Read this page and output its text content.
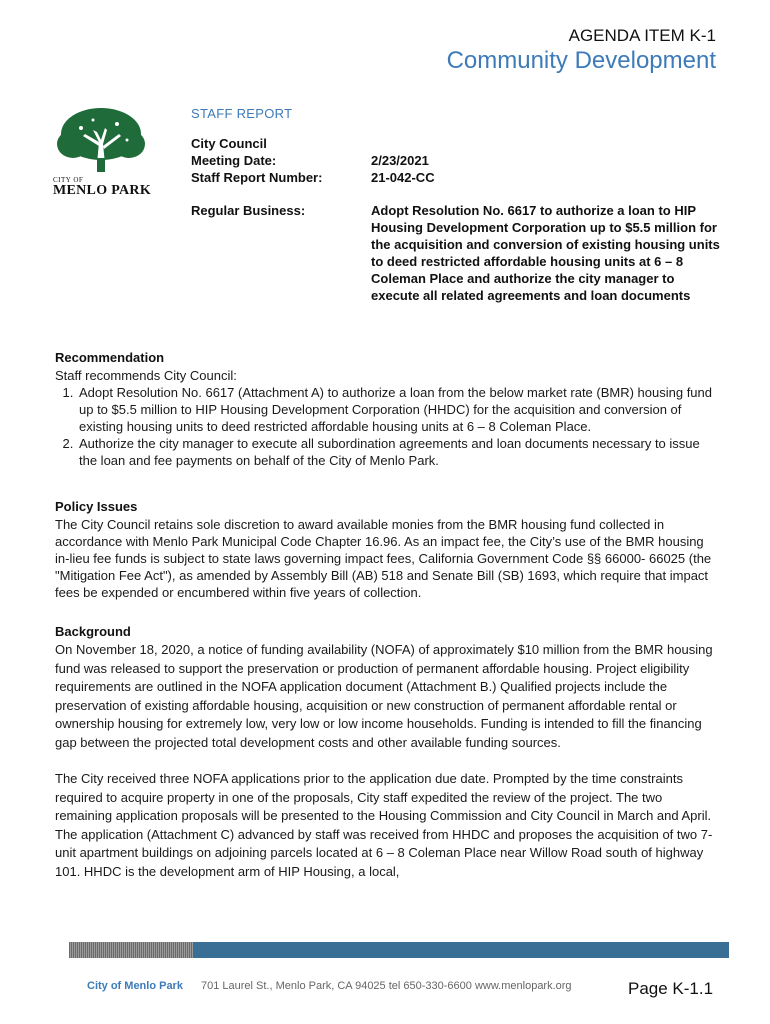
AGENDA ITEM K-1
Community Development
CITY OF
MENLO PARK
STAFF REPORT
City Council
Meeting Date:	2/23/2021
Staff Report Number:	21-042-CC
Regular Business:	Adopt Resolution No. 6617 to authorize a loan to HIP Housing Development Corporation up to $5.5 million for the acquisition and conversion of existing housing units to deed restricted affordable housing units at 6 – 8 Coleman Place and authorize the city manager to execute all related agreements and loan documents
Recommendation

Staff recommends City Council:

1. Adopt Resolution No. 6617 (Attachment A) to authorize a loan from the below market rate (BMR) housing fund up to $5.5 million to HIP Housing Development Corporation (HHDC) for the acquisition and conversion of existing housing units to deed restricted affordable housing units at 6 – 8 Coleman Place.
2. Authorize the city manager to execute all subordination agreements and loan documents necessary to issue the loan and fee payments on behalf of the City of Menlo Park.
Policy Issues

The City Council retains sole discretion to award available monies from the BMR housing fund collected in accordance with Menlo Park Municipal Code Chapter 16.96. As an impact fee, the City’s use of the BMR housing in-lieu fee funds is subject to state laws governing impact fees, California Government Code §§ 66000- 66025 (the "Mitigation Fee Act"), as amended by Assembly Bill (AB) 518 and Senate Bill (SB) 1693, which require that impact fees be expended or encumbered within five years of collection.

Background

On November 18, 2020, a notice of funding availability (NOFA) of approximately $10 million from the BMR housing fund was released to support the preservation or production of permanent affordable housing. Project eligibility requirements are outlined in the NOFA application document (Attachment B.) Qualified projects include the preservation of existing affordable housing, acquisition or new construction of permanent affordable rental or ownership housing for extremely low, very low or low income households. Funding is intended to fill the financing gap between the projected total development costs and other available funding sources.

The City received three NOFA applications prior to the application due date. Prompted by the time constraints required to acquire property in one of the proposals, City staff expedited the review of the project. The two remaining application proposals will be presented to the Housing Commission and City Council in March and April. The application (Attachment C) advanced by staff was received from HHDC and proposes the acquisition of two 7-unit apartment buildings on adjoining parcels located at 6 – 8 Coleman Place near Willow Road south of highway 101. HHDC is the development arm of HIP Housing, a local,

City of Menlo Park 701 Laurel St., Menlo Park, CA 94025 tel 650-330-6600 www.menlopark.org	Page K-1.1
